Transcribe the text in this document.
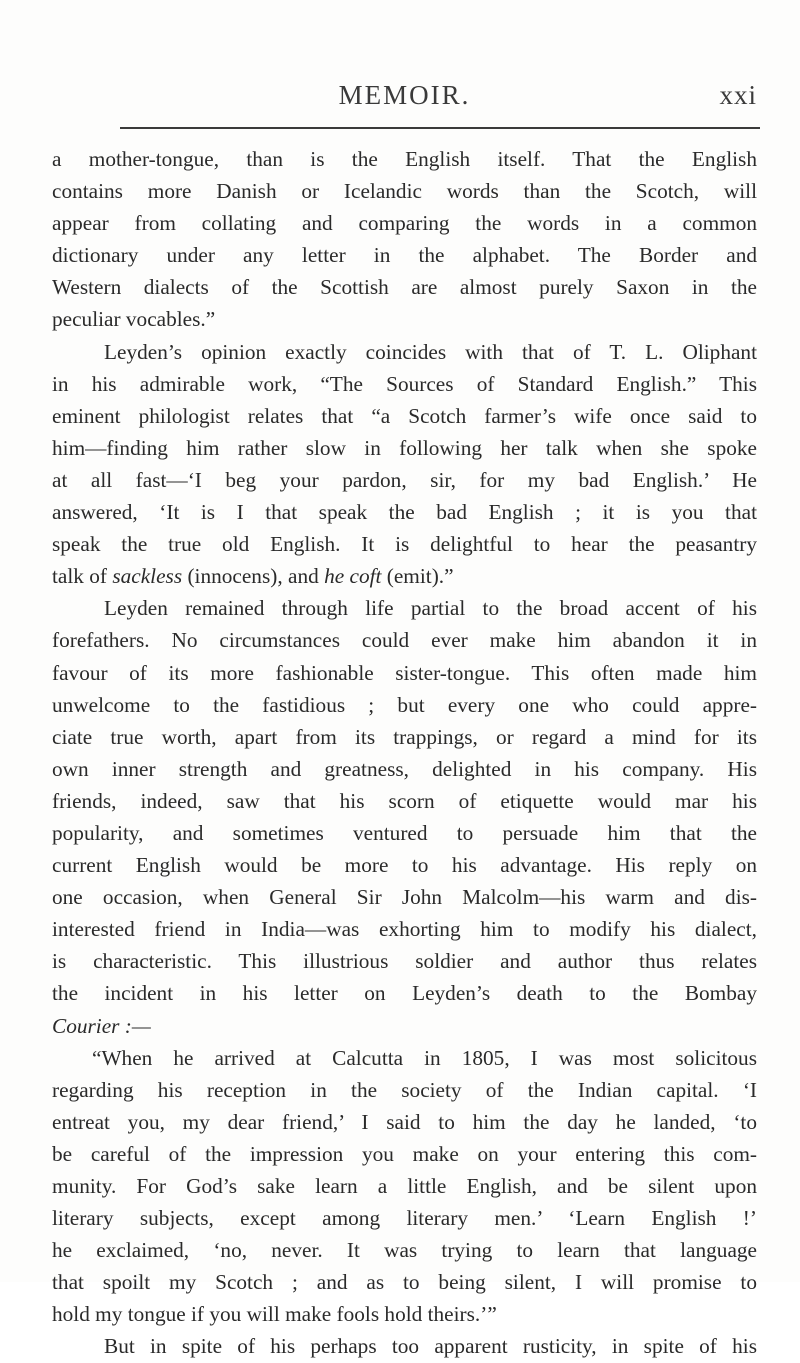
MEMOIR.	xxi
a mother-tongue, than is the English itself. That the English
contains more Danish or Icelandic words than the Scotch, will
appear from collating and comparing the words in a common
dictionary under any letter in the alphabet. The Border and
Western dialects of the Scottish are almost purely Saxon in the
peculiar vocables.”
Leyden’s opinion exactly coincides with that of T. L. Oliphant
in his admirable work, “The Sources of Standard English.” This
eminent philologist relates that “a Scotch farmer’s wife once said to
him—finding him rather slow in following her talk when she spoke
at all fast—‘I beg your pardon, sir, for my bad English.’ He
answered, ‘It is I that speak the bad English ; it is you that
speak the true old English. It is delightful to hear the peasantry
talk of sackless (innocens), and he coft (emit).”
Leyden remained through life partial to the broad accent of his
forefathers. No circumstances could ever make him abandon it in
favour of its more fashionable sister-tongue. This often made him
unwelcome to the fastidious ; but every one who could appre-
ciate true worth, apart from its trappings, or regard a mind for its
own inner strength and greatness, delighted in his company. His
friends, indeed, saw that his scorn of etiquette would mar his
popularity, and sometimes ventured to persuade him that the
current English would be more to his advantage. His reply on
one occasion, when General Sir John Malcolm—his warm and dis-
interested friend in India—was exhorting him to modify his dialect,
is characteristic. This illustrious soldier and author thus relates
the incident in his letter on Leyden’s death to the Bombay
Courier :—
“When he arrived at Calcutta in 1805, I was most solicitous
regarding his reception in the society of the Indian capital. ‘I
entreat you, my dear friend,’ I said to him the day he landed, ‘to
be careful of the impression you make on your entering this com-
munity. For God’s sake learn a little English, and be silent upon
literary subjects, except among literary men.’ ‘Learn English !’
he exclaimed, ‘no, never. It was trying to learn that language
that spoilt my Scotch ; and as to being silent, I will promise to
hold my tongue if you will make fools hold theirs.’”
But in spite of his perhaps too apparent rusticity, in spite of his
